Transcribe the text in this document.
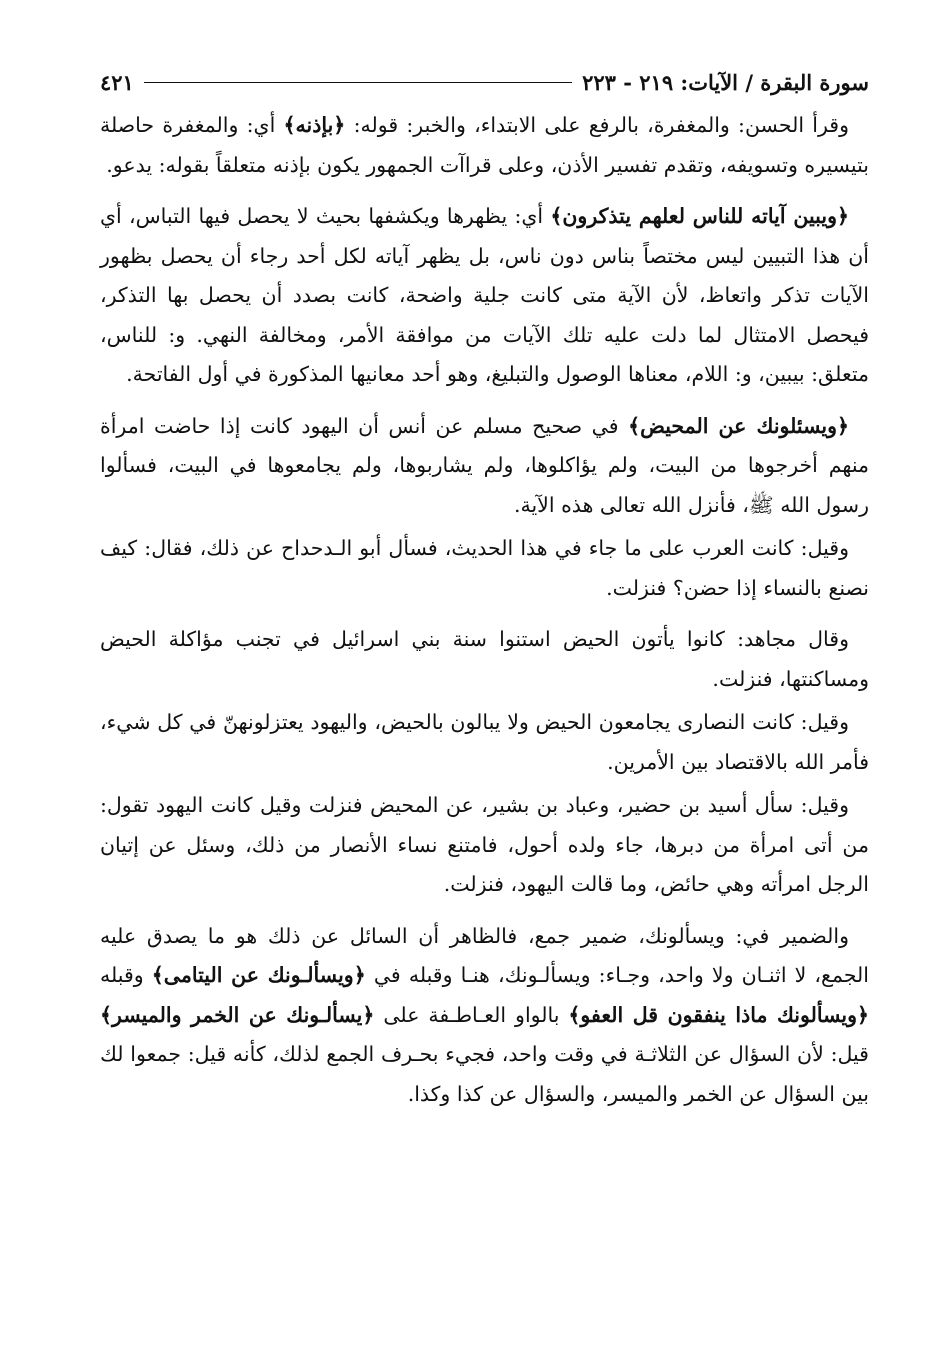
سورة البقرة / الآيات: ٢١٩ - ٢٢٣
٤٢١

وقرأ الحسن: والمغفرة، بالرفع على الابتداء، والخبر: قوله: ﴿بإذنه﴾ أي: والمغفرة حاصلة بتيسيره وتسويفه، وتقدم تفسير الأذن، وعلى قراآت الجمهور يكون بإذنه متعلقاً بقوله: يدعو.

﴿ويبين آياته للناس لعلهم يتذكرون﴾ أي: يظهرها ويكشفها بحيث لا يحصل فيها التباس، أي أن هذا التبيين ليس مختصاً بناس دون ناس، بل يظهر آياته لكل أحد رجاء أن يحصل بظهور الآيات تذكر واتعاظ، لأن الآية متى كانت جلية واضحة، كانت بصدد أن يحصل بها التذكر، فيحصل الامتثال لما دلت عليه تلك الآيات من موافقة الأمر، ومخالفة النهي. و: للناس، متعلق: بيبين، و: اللام، معناها الوصول والتبليغ، وهو أحد معانيها المذكورة في أول الفاتحة.

﴿ويسئلونك عن المحيض﴾ في صحيح مسلم عن أنس أن اليهود كانت إذا حاضت امرأة منهم أخرجوها من البيت، ولم يؤاكلوها، ولم يشاربوها، ولم يجامعوها في البيت، فسألوا رسول الله ﷺ، فأنزل الله تعالى هذه الآية.

وقيل: كانت العرب على ما جاء في هذا الحديث، فسأل أبو الـدحداح عن ذلك، فقال: كيف نصنع بالنساء إذا حضن؟ فنزلت.

وقال مجاهد: كانوا يأتون الحيض استنوا سنة بني اسرائيل في تجنب مؤاكلة الحيض ومساكنتها، فنزلت.

وقيل: كانت النصارى يجامعون الحيض ولا يبالون بالحيض، واليهود يعتزلونهنّ في كل شيء، فأمر الله بالاقتصاد بين الأمرين.

وقيل: سأل أسيد بن حضير، وعباد بن بشير، عن المحيض فنزلت وقيل كانت اليهود تقول: من أتى امرأة من دبرها، جاء ولده أحول، فامتنع نساء الأنصار من ذلك، وسئل عن إتيان الرجل امرأته وهي حائض، وما قالت اليهود، فنزلت.

والضمير في: ويسألونك، ضمير جمع، فالظاهر أن السائل عن ذلك هو ما يصدق عليه الجمع، لا اثنـان ولا واحد، وجـاء: ويسألـونك، هنـا وقبله في ﴿ويسألـونك عن اليتامى﴾ وقبله ﴿ويسألونك ماذا ينفقون قل العفو﴾ بالواو العـاطـفة على ﴿يسألـونك عن الخمر والميسر﴾ قيل: لأن السؤال عن الثلاثـة في وقت واحد، فجيء بحـرف الجمع لذلك، كأنه قيل: جمعوا لك بين السؤال عن الخمر والميسر، والسؤال عن كذا وكذا.
